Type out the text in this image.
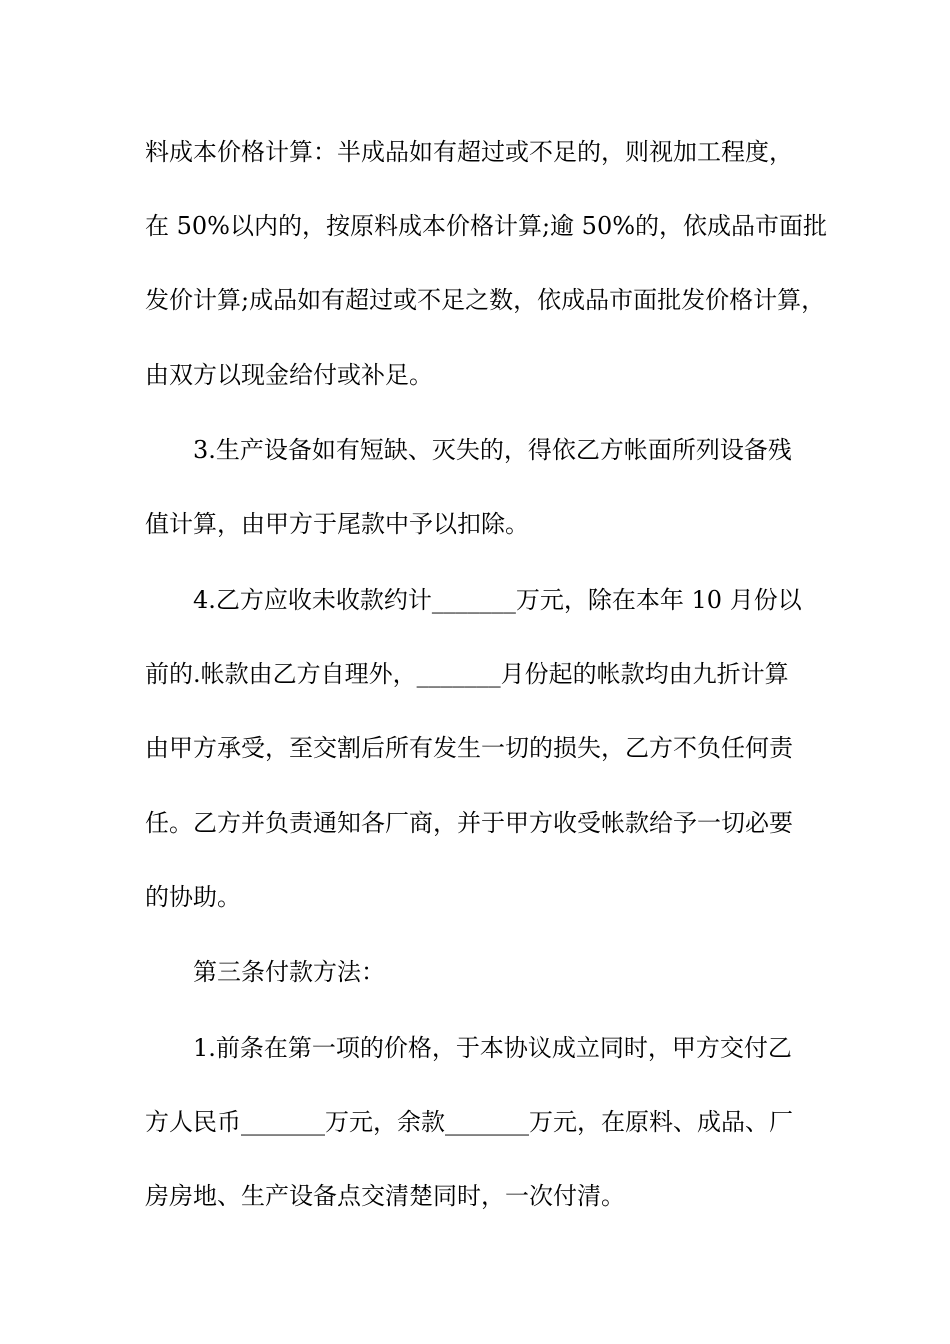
料成本价格计算：半成品如有超过或不足的，则视加工程度，
在 50%以内的，按原料成本价格计算;逾 50%的，依成品市面批
发价计算;成品如有超过或不足之数，依成品市面批发价格计算，
由双方以现金给付或补足。
3.生产设备如有短缺、灭失的，得依乙方帐面所列设备残
值计算，由甲方于尾款中予以扣除。
4.乙方应收未收款约计_______万元，除在本年 10 月份以
前的.帐款由乙方自理外，_______月份起的帐款均由九折计算
由甲方承受，至交割后所有发生一切的损失，乙方不负任何责
任。乙方并负责通知各厂商，并于甲方收受帐款给予一切必要
的协助。
第三条付款方法：
1.前条在第一项的价格，于本协议成立同时，甲方交付乙
方人民币_______万元，余款_______万元，在原料、成品、厂
房房地、生产设备点交清楚同时，一次付清。
